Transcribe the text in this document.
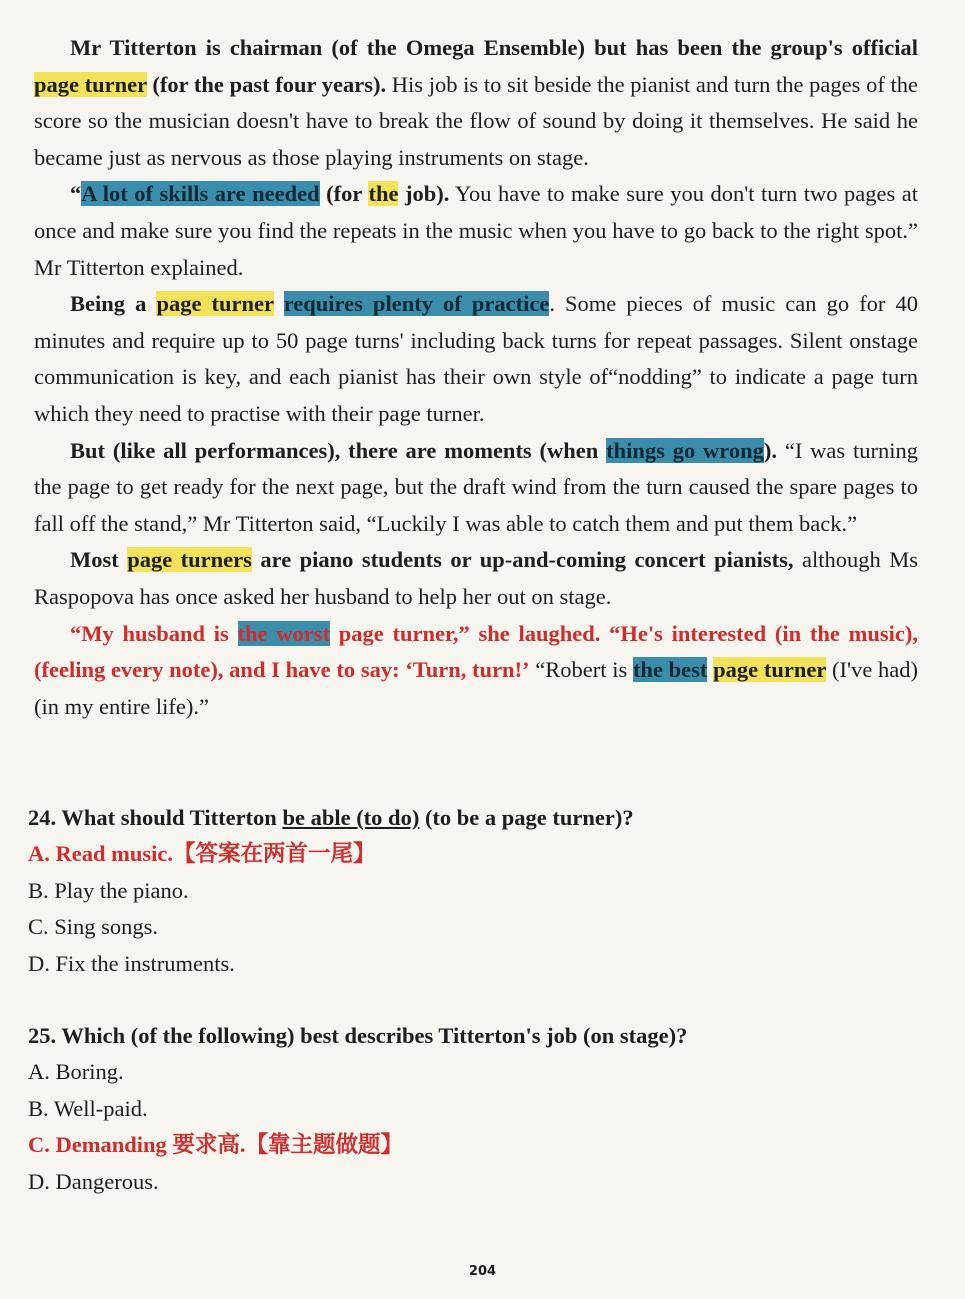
Mr Titterton is chairman (of the Omega Ensemble) but has been the group's official page turner (for the past four years). His job is to sit beside the pianist and turn the pages of the score so the musician doesn't have to break the flow of sound by doing it themselves. He said he became just as nervous as those playing instruments on stage.

“A lot of skills are needed (for the job). You have to make sure you don't turn two pages at once and make sure you find the repeats in the music when you have to go back to the right spot.” Mr Titterton explained.

Being a page turner requires plenty of practice. Some pieces of music can go for 40 minutes and require up to 50 page turns' including back turns for repeat passages. Silent onstage communication is key, and each pianist has their own style of“nodding” to indicate a page turn which they need to practise with their page turner.

But (like all performances), there are moments (when things go wrong). “I was turning the page to get ready for the next page, but the draft wind from the turn caused the spare pages to fall off the stand,” Mr Titterton said, “Luckily I was able to catch them and put them back.”

Most page turners are piano students or up-and-coming concert pianists, although Ms Raspopova has once asked her husband to help her out on stage.

“My husband is the worst page turner,” she laughed. “He's interested (in the music), (feeling every note), and I have to say: ‘Turn, turn!’ “Robert is the best page turner (I've had) (in my entire life).”

24. What should Titterton be able (to do) (to be a page turner)?
A. Read music.【答案在两首一尾】
B. Play the piano.
C. Sing songs.
D. Fix the instruments.
25. Which (of the following) best describes Titterton's job (on stage)?
A. Boring.
B. Well-paid.
C. Demanding 要求高.【靠主题做题】
D. Dangerous.
204
